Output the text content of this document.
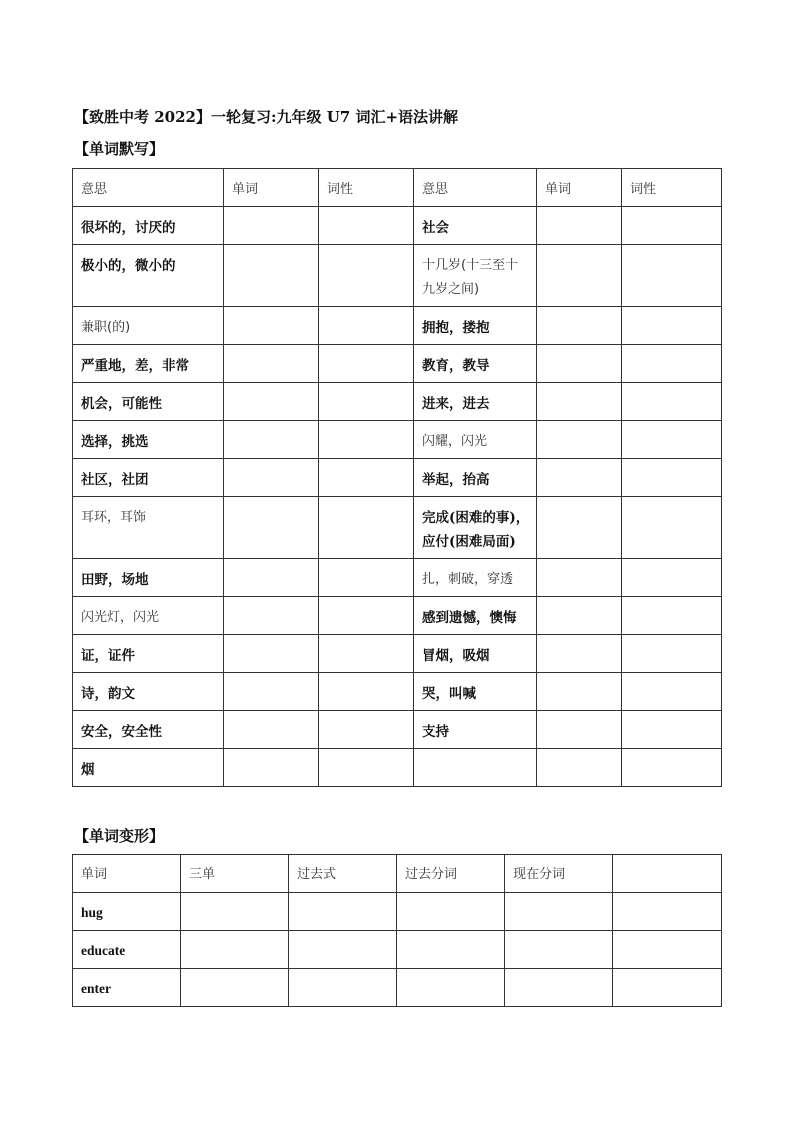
【致胜中考 2022】一轮复习:九年级 U7 词汇+语法讲解
【单词默写】
意思	单词	词性	意思	单词	词性
很坏的，讨厌的			社会		
极小的，微小的			十几岁(十三至十九岁之间)		
兼职(的)			拥抱，搂抱		
严重地，差，非常			教育，教导		
机会，可能性			进来，进去		
选择，挑选			闪耀，闪光		
社区，社团			举起，抬高		
耳环，耳饰			完成(困难的事)，应付(困难局面)		
田野，场地			扎，刺破，穿透		
闪光灯，闪光			感到遗憾，懊悔		
证，证件			冒烟，吸烟		
诗，韵文			哭，叫喊		
安全，安全性			支持		
烟					
【单词变形】
单词	三单	过去式	过去分词	现在分词	
hug					
educate					
enter					
